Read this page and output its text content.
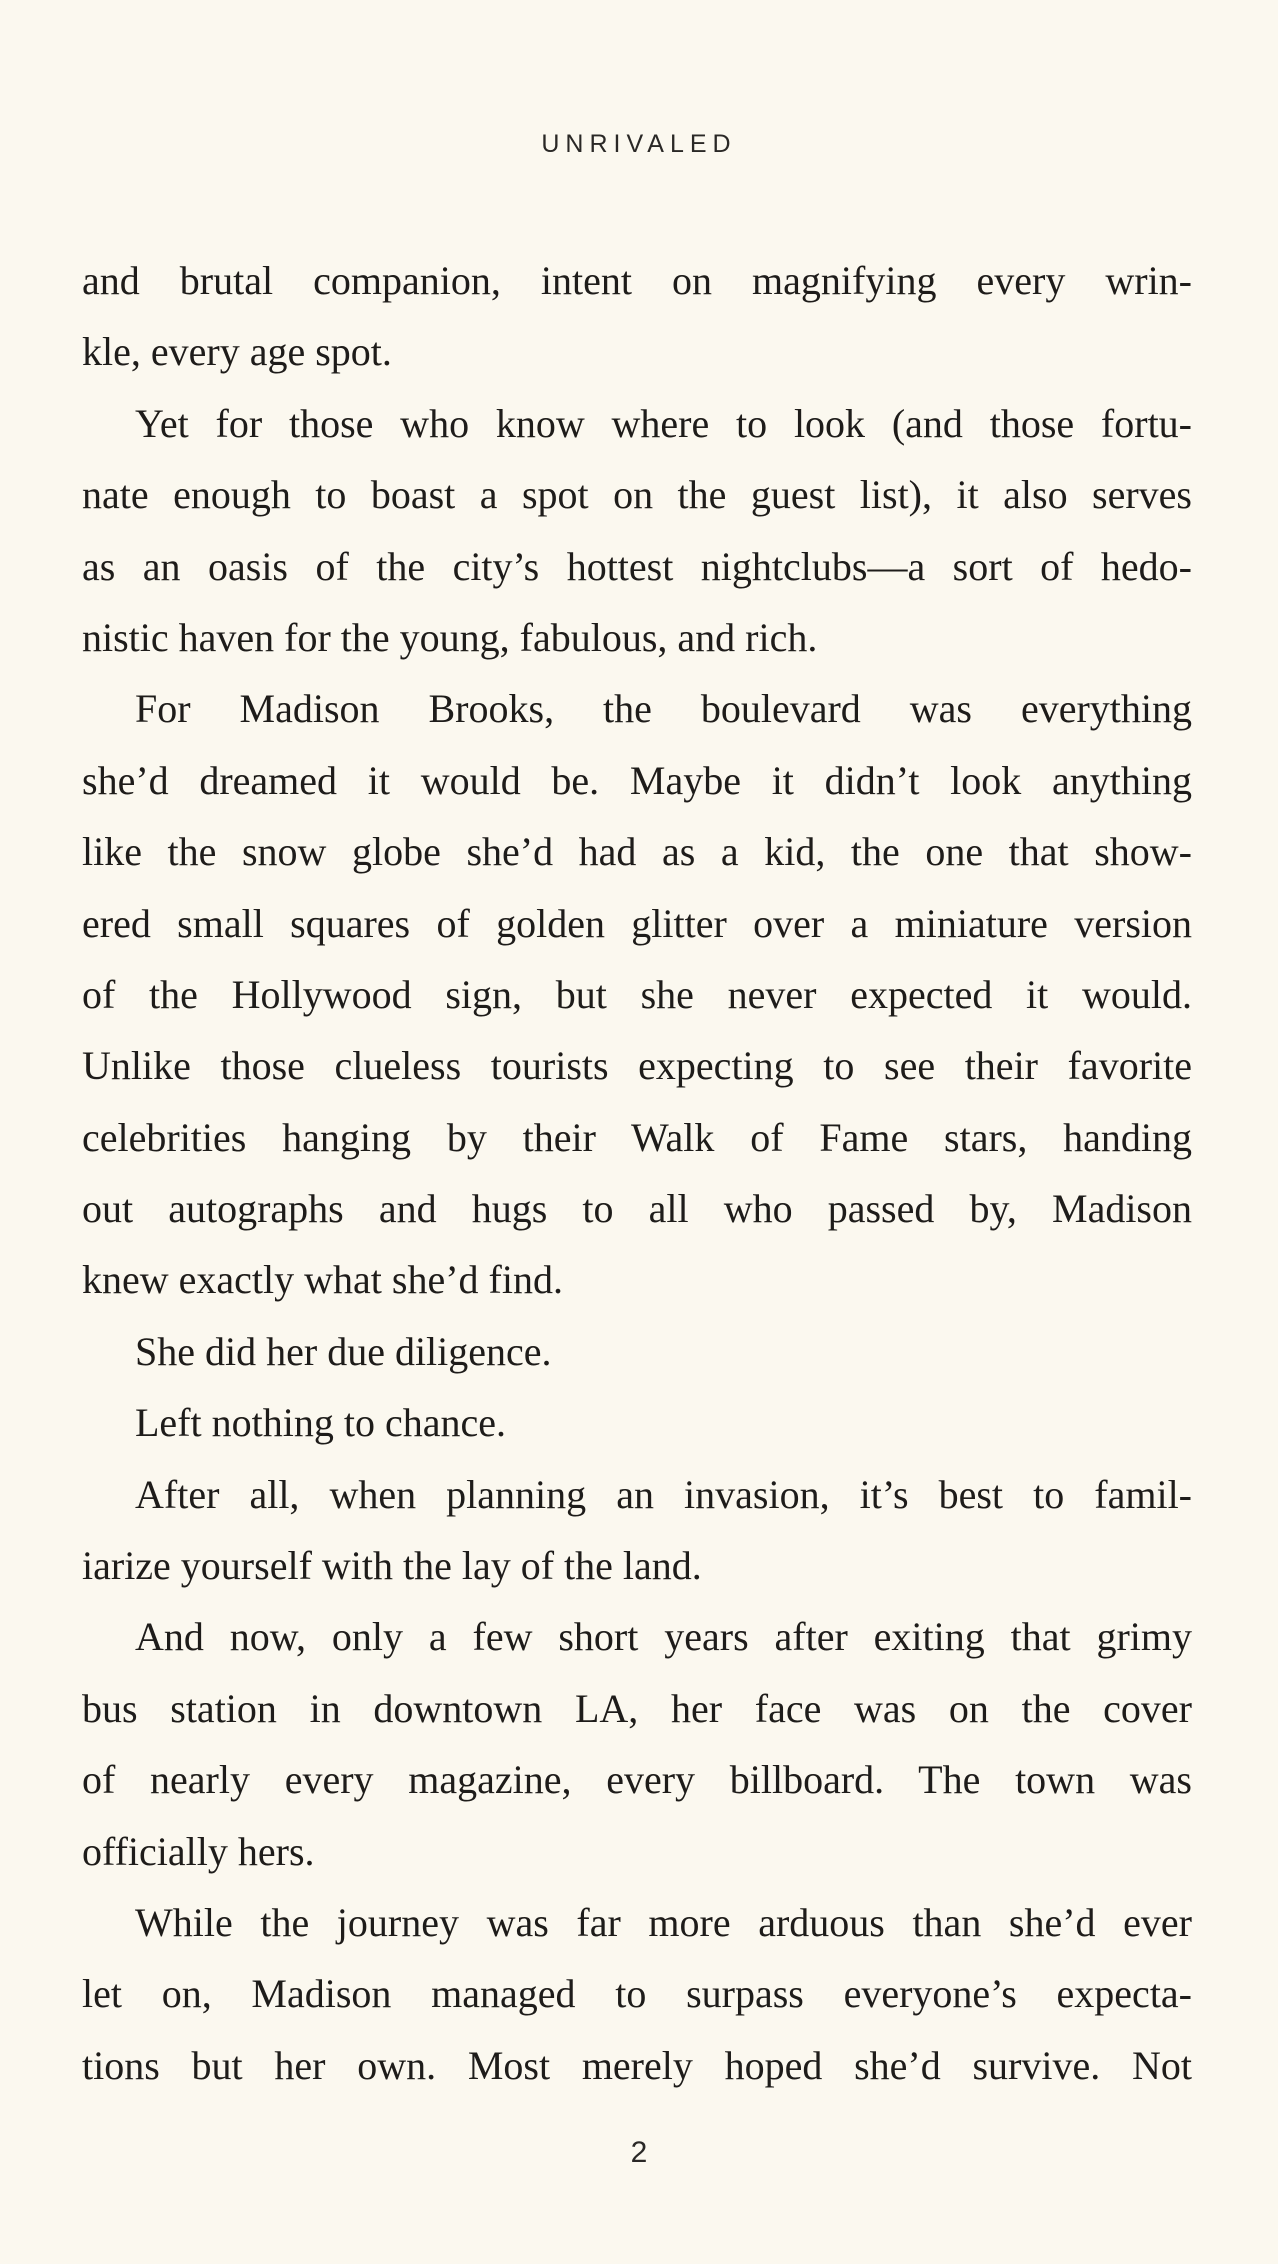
UNRIVALED
and brutal companion, intent on magnifying every wrin-
kle, every age spot.
Yet for those who know where to look (and those fortu-
nate enough to boast a spot on the guest list), it also serves
as an oasis of the city’s hottest nightclubs—a sort of hedo-
nistic haven for the young, fabulous, and rich.
For Madison Brooks, the boulevard was everything
she’d dreamed it would be. Maybe it didn’t look anything
like the snow globe she’d had as a kid, the one that show-
ered small squares of golden glitter over a miniature version
of the Hollywood sign, but she never expected it would.
Unlike those clueless tourists expecting to see their favorite
celebrities hanging by their Walk of Fame stars, handing
out autographs and hugs to all who passed by, Madison
knew exactly what she’d find.
She did her due diligence.
Left nothing to chance.
After all, when planning an invasion, it’s best to famil-
iarize yourself with the lay of the land.
And now, only a few short years after exiting that grimy
bus station in downtown LA, her face was on the cover
of nearly every magazine, every billboard. The town was
officially hers.
While the journey was far more arduous than she’d ever
let on, Madison managed to surpass everyone’s expecta-
tions but her own. Most merely hoped she’d survive. Not
2
